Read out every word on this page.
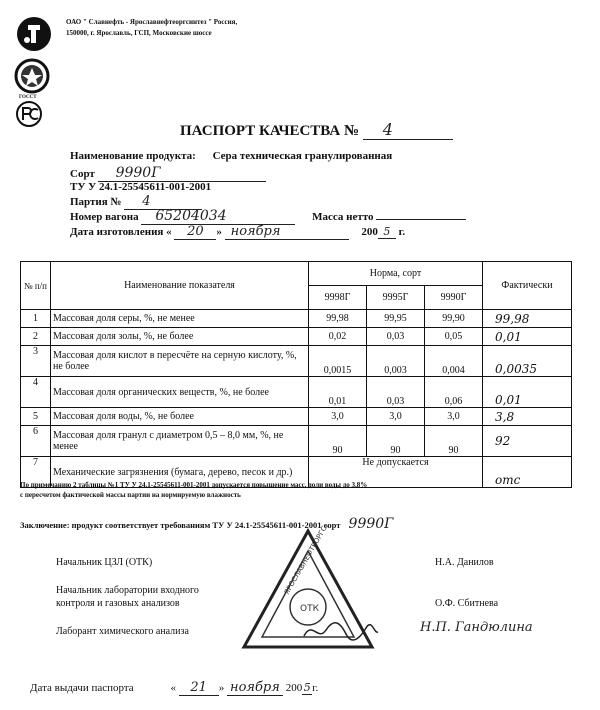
ГОССТ
ОАО " Славнефть - Ярославнефтеоргсинтез " Россия,
150000, г. Ярославль, ГСП, Московские шоссе
ПАСПОРТ КАЧЕСТВА № 4
Наименование продукта: Сера техническая гранулированная
Сорт 9990Г
ТУ У 24.1-25545611-001-2001
Партия № 4
Номер вагона 65204034	Масса нетто
Дата изготовления « 20 » ноября	200 5 г.
№ п/п	Наименование показателя	Норма, сорт			Фактически
		9998Г	9995Г	9990Г	
1	Массовая доля серы, %, не менее	99,98	99,95	99,90	99,98
2	Массовая доля золы, %, не более	0,02	0,03	0,05	0,01
3	Массовая доля кислот в пересчёте на серную кислоту, %, не более	0,0015	0,003	0,004	0,0035
4	Массовая доля органических веществ, %, не более	0,01	0,03	0,06	0,01
5	Массовая доля воды, %, не более	3,0	3,0	3,0	3,8
6	Массовая доля гранул с диаметром 0,5 – 8,0 мм, %, не менее	90	90	90	92
7	Механические загрязнения (бумага, дерево, песок и др.)	Не допускается			отс
По примечанию 2 таблицы №1 ТУ У 24.1-25545611-001-2001 допускается повышение масс. доли воды до 3.8%
с пересчетом фактической массы партии на нормируемую влажность
Заключение: продукт соответствует требованиям ТУ У 24.1-25545611-001-2001 сорт 9990Г
ОТК
Начальник ЦЗЛ (ОТК)	Н.А. Данилов
Начальник лаборатории входного
контроля и газовых анализов	О.Ф. Сбитнева
Лаборант химического анализа	Н.П. Гандюлина
Дата выдачи паспорта	« 21 » ноября 200 5 г.
